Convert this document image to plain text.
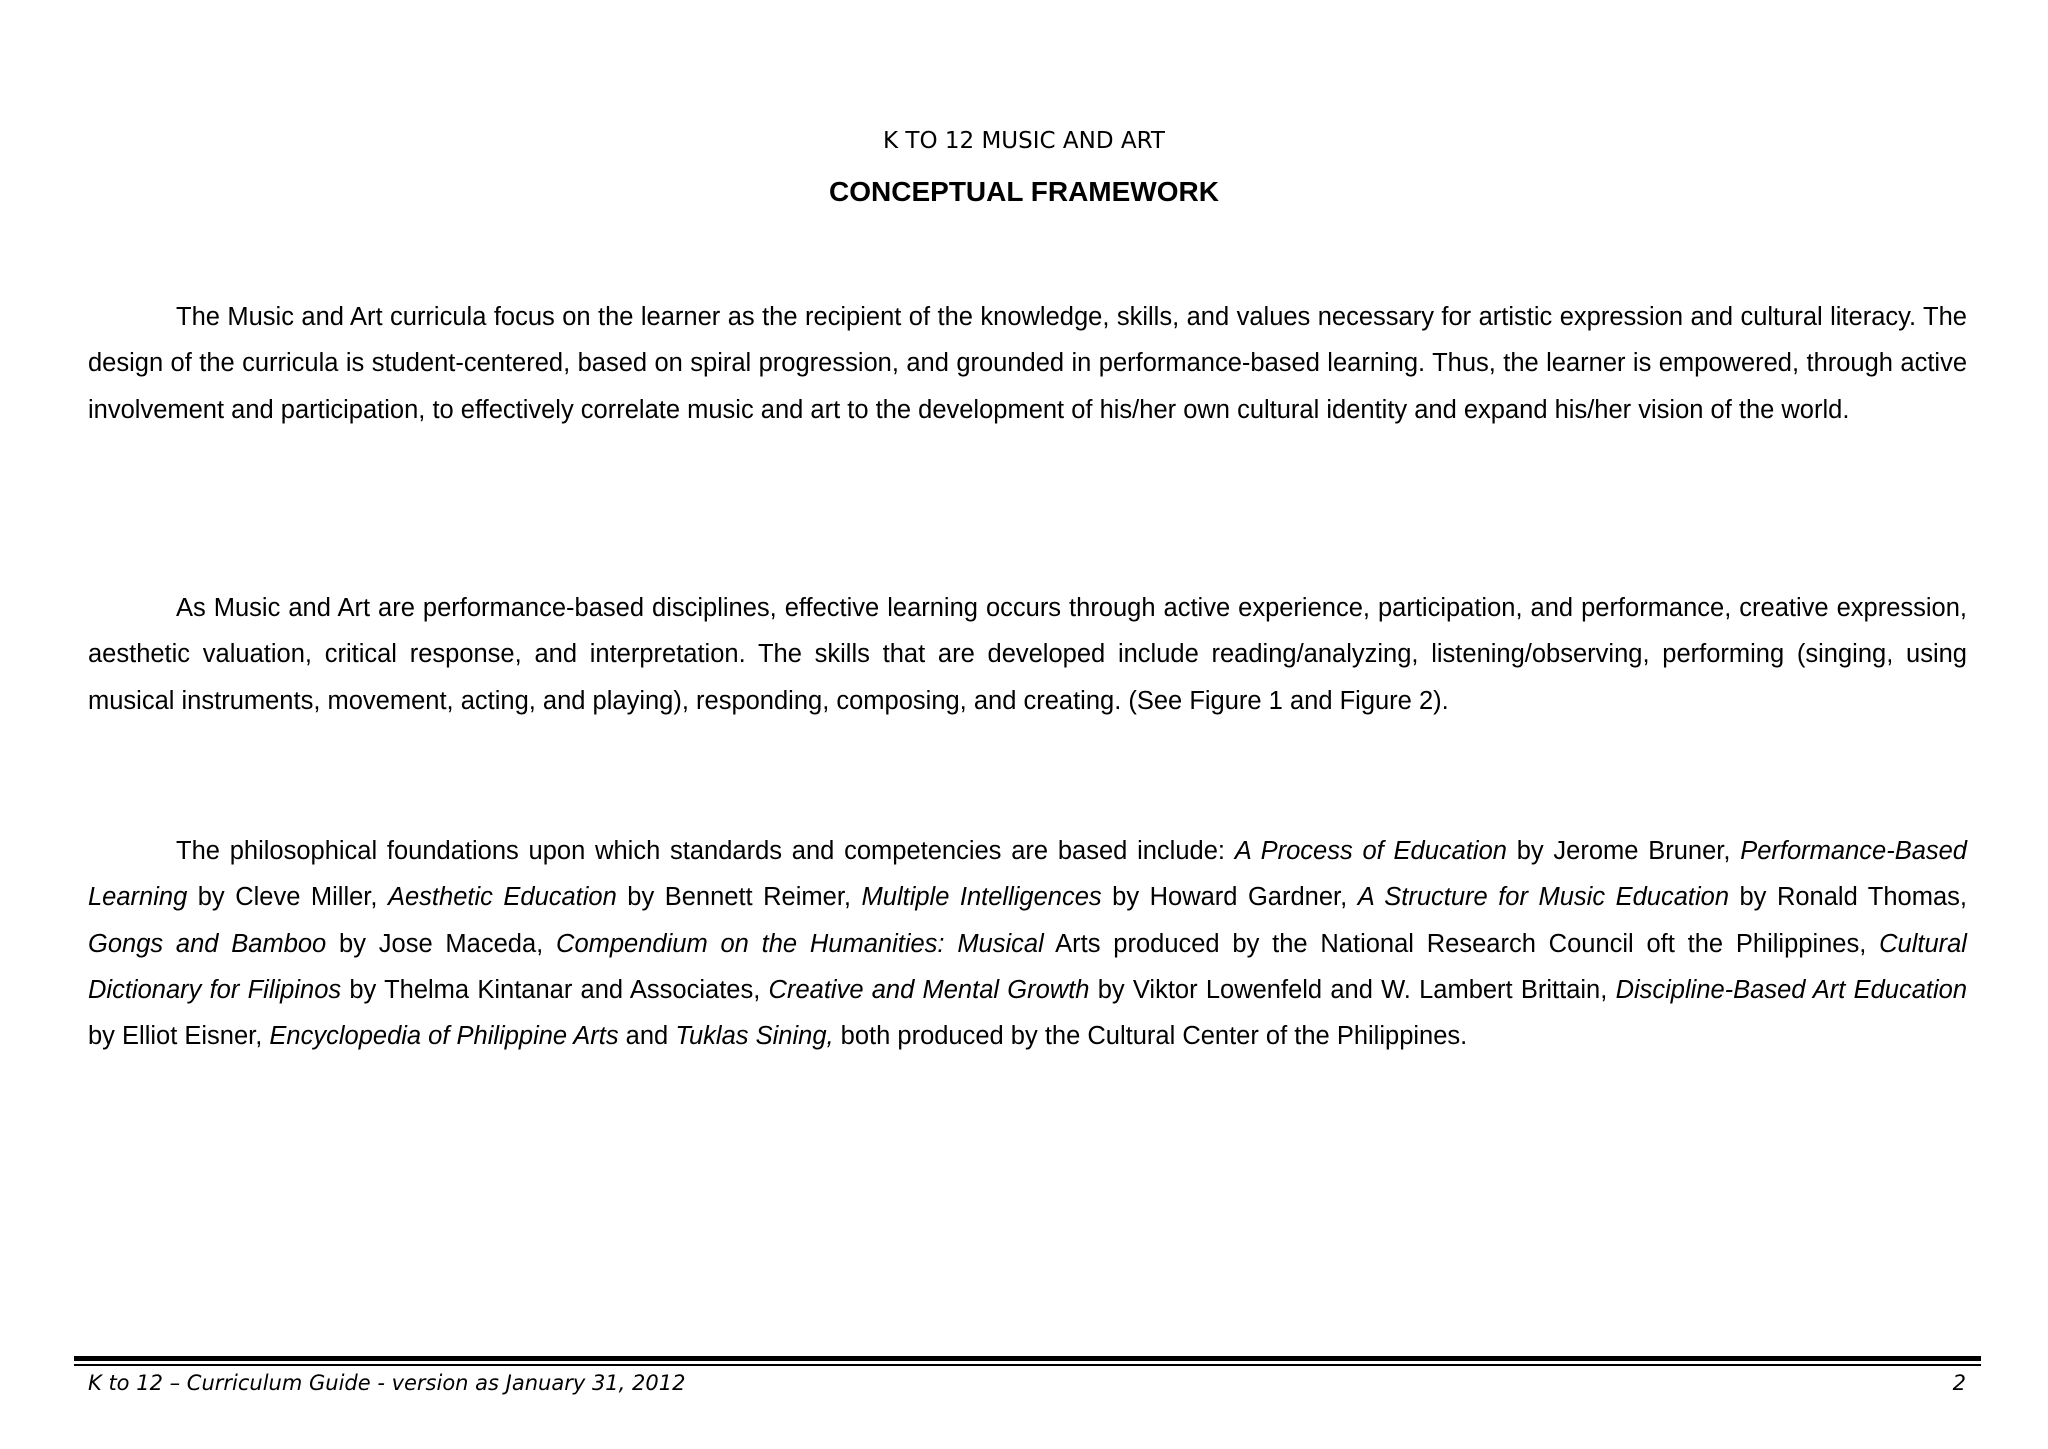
K TO 12 MUSIC AND ART
CONCEPTUAL FRAMEWORK

The Music and Art curricula focus on the learner as the recipient of the knowledge, skills, and values necessary for artistic expression and cultural literacy. The design of the curricula is student-centered, based on spiral progression, and grounded in performance-based learning. Thus, the learner is empowered, through active involvement and participation, to effectively correlate music and art to the development of his/her own cultural identity and expand his/her vision of the world.

As Music and Art are performance-based disciplines, effective learning occurs through active experience, participation, and performance, creative expression, aesthetic valuation, critical response, and interpretation. The skills that are developed include reading/analyzing, listening/observing, performing (singing, using musical instruments, movement, acting, and playing), responding, composing, and creating. (See Figure 1 and Figure 2).

The philosophical foundations upon which standards and competencies are based include: A Process of Education by Jerome Bruner, Performance-Based Learning by Cleve Miller, Aesthetic Education by Bennett Reimer, Multiple Intelligences by Howard Gardner, A Structure for Music Education by Ronald Thomas, Gongs and Bamboo by Jose Maceda, Compendium on the Humanities: Musical Arts produced by the National Research Council oft the Philippines, Cultural Dictionary for Filipinos by Thelma Kintanar and Associates, Creative and Mental Growth by Viktor Lowenfeld and W. Lambert Brittain, Discipline-Based Art Education by Elliot Eisner, Encyclopedia of Philippine Arts and Tuklas Sining, both produced by the Cultural Center of the Philippines.

K to 12 – Curriculum Guide - version as January 31, 2012	2
